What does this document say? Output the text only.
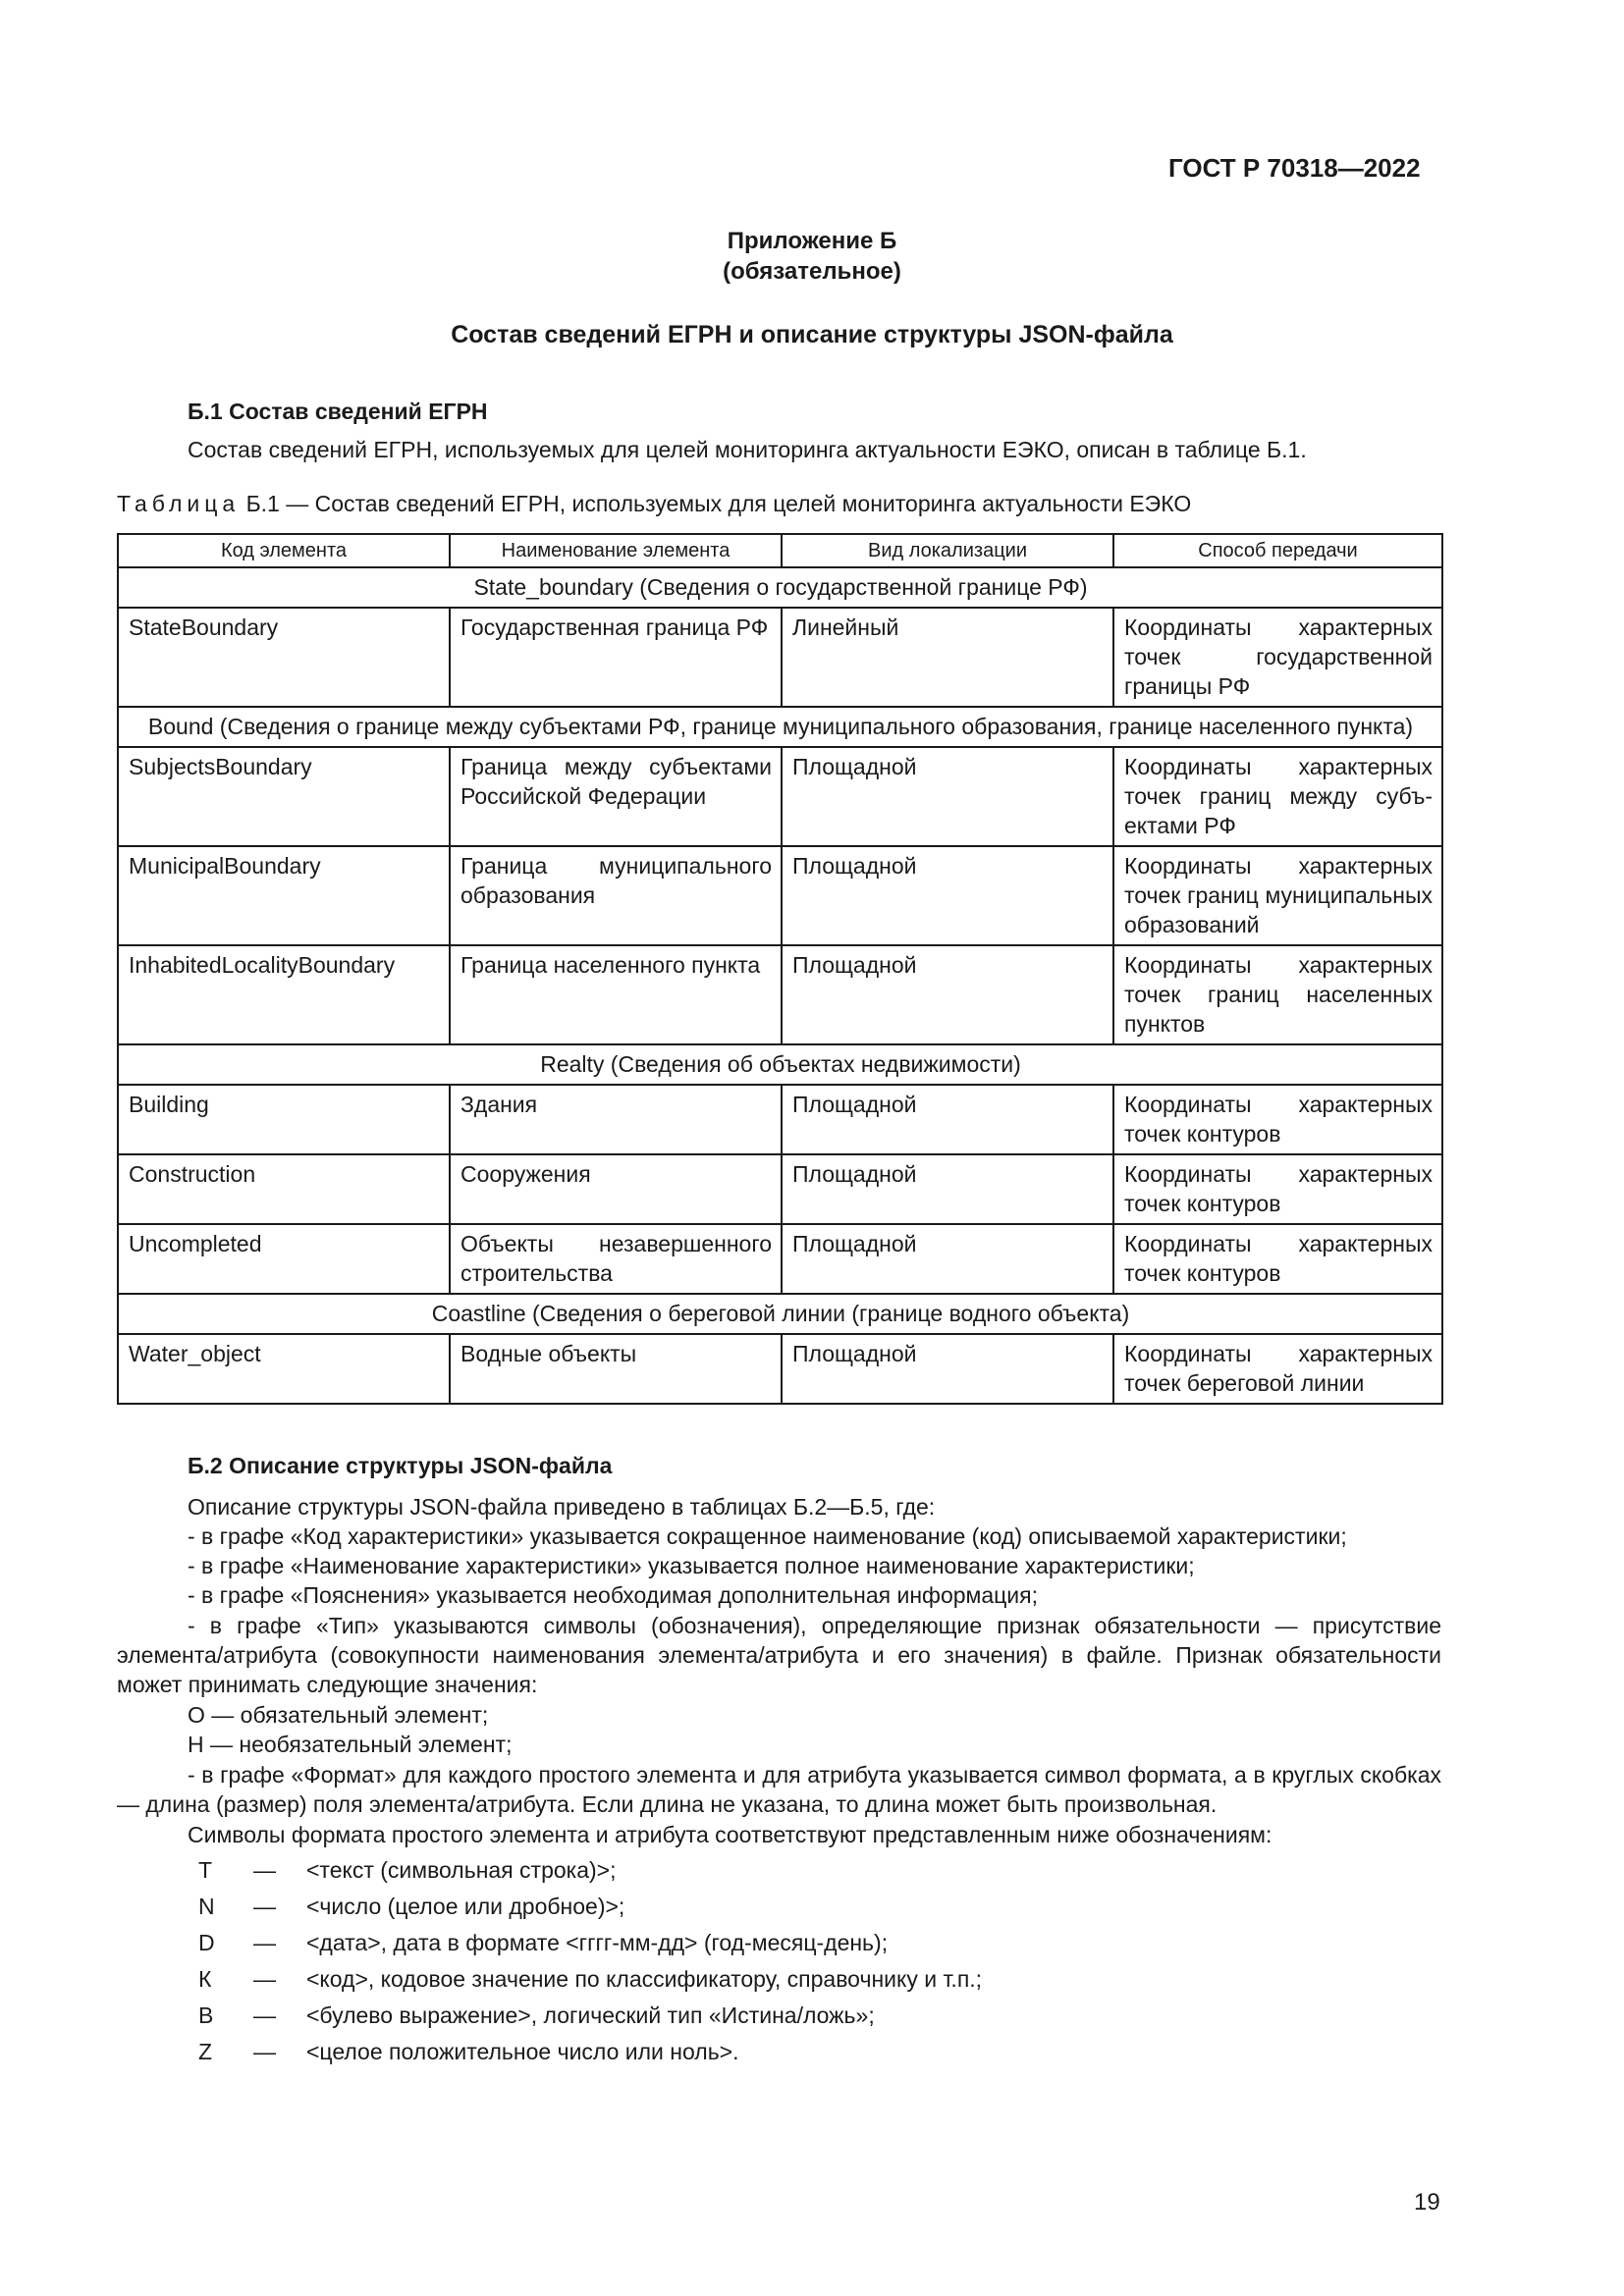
ГОСТ Р 70318—2022
Приложение Б
(обязательное)
Состав сведений ЕГРН и описание структуры JSON-файла
Б.1 Состав сведений ЕГРН
Состав сведений ЕГРН, используемых для целей мониторинга актуальности ЕЭКО, описан в таблице Б.1.
Таблица Б.1 — Состав сведений ЕГРН, используемых для целей мониторинга актуальности ЕЭКО
Код элемента	Наименование элемента	Вид локализации	Способ передачи
State_boundary (Сведения о государственной границе РФ)			
StateBoundary	Государственная граница РФ	Линейный	Координаты характерных точек государственной границы РФ
Bound (Сведения о границе между субъектами РФ, границе муниципального образования, границе населенного пункта)			
SubjectsBoundary	Граница между субъектами Российской Федерации	Площадной	Координаты характерных точек границ между субъектами РФ
MunicipalBoundary	Граница муниципального образования	Площадной	Координаты характерных точек границ муниципальных образований
InhabitedLocalityBoundary	Граница населенного пункта	Площадной	Координаты характерных точек границ населенных пунктов
Realty (Сведения об объектах недвижимости)			
Building	Здания	Площадной	Координаты характерных точек контуров
Construction	Сооружения	Площадной	Координаты характерных точек контуров
Uncompleted	Объекты незавершенного строительства	Площадной	Координаты характерных точек контуров
Coastline (Сведения о береговой линии (границе водного объекта)			
Water_object	Водные объекты	Площадной	Координаты характерных точек береговой линии
Б.2 Описание структуры JSON-файла
Описание структуры JSON-файла приведено в таблицах Б.2—Б.5, где:
- в графе «Код характеристики» указывается сокращенное наименование (код) описываемой характеристики;
- в графе «Наименование характеристики» указывается полное наименование характеристики;
- в графе «Пояснения» указывается необходимая дополнительная информация;
- в графе «Тип» указываются символы (обозначения), определяющие признак обязательности — присутствие элемента/атрибута (совокупности наименования элемента/атрибута и его значения) в файле. Признак обязательности может принимать следующие значения:
О — обязательный элемент;
Н — необязательный элемент;
- в графе «Формат» для каждого простого элемента и для атрибута указывается символ формата, а в круглых скобках — длина (размер) поля элемента/атрибута. Если длина не указана, то длина может быть произвольная.
Символы формата простого элемента и атрибута соответствуют представленным ниже обозначениям:
T — <текст (символьная строка)>;
N — <число (целое или дробное)>;
D — <дата>, дата в формате <гггг-мм-дд> (год-месяц-день);
К — <код>, кодовое значение по классификатору, справочнику и т.п.;
B — <булево выражение>, логический тип «Истина/ложь»;
Z — <целое положительное число или ноль>.
19
